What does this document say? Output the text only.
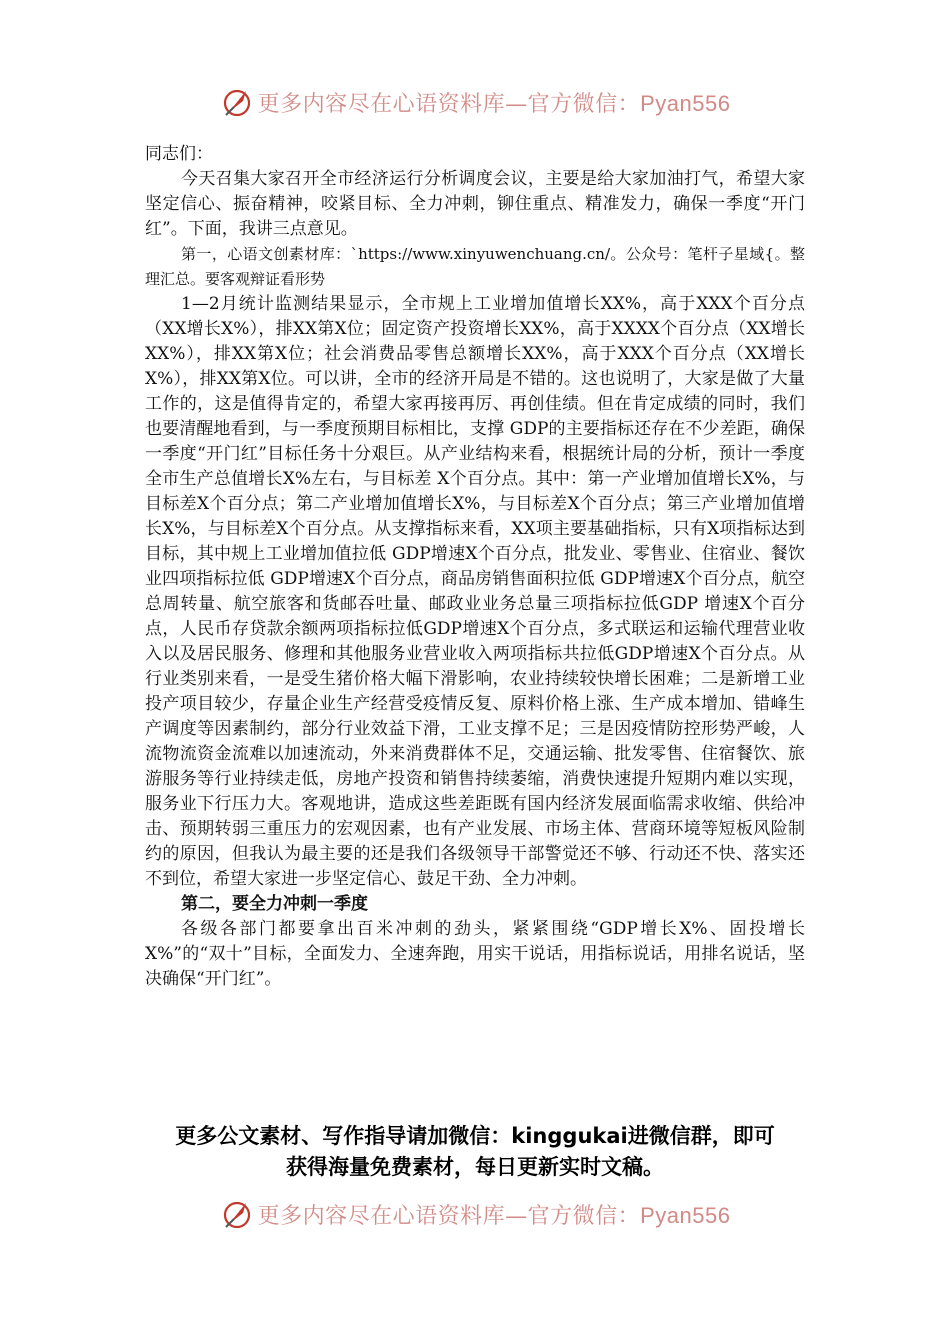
更多内容尽在心语资料库—官方微信：Pyan556

同志们：

今天召集大家召开全市经济运行分析调度会议，主要是给大家加油打气，希望大家坚定信心、振奋精神，咬紧目标、全力冲刺，铆住重点、精准发力，确保一季度“开门红”。下面，我讲三点意见。

第一，心语文创素材库：`https://www.xinyuwenchuang.cn/。公众号：笔杆子星域{。整理汇总。要客观辩证看形势

1—2月统计监测结果显示，全市规上工业增加值增长XX%，高于XXX个百分点（XX增长X%），排XX第X位；固定资产投资增长XX%，高于XXXX个百分点（XX增长XX%），排XX第X位；社会消费品零售总额增长XX%，高于XXX个百分点（XX增长X%），排XX第X位。可以讲，全市的经济开局是不错的。这也说明了，大家是做了大量工作的，这是值得肯定的，希望大家再接再厉、再创佳绩。但在肯定成绩的同时，我们也要清醒地看到，与一季度预期目标相比，支撑 GDP的主要指标还存在不少差距，确保一季度“开门红”目标任务十分艰巨。从产业结构来看，根据统计局的分析，预计一季度全市生产总值增长X%左右，与目标差 X个百分点。其中：第一产业增加值增长X%，与目标差X个百分点；第二产业增加值增长X%，与目标差X个百分点；第三产业增加值增长X%，与目标差X个百分点。从支撑指标来看，XX项主要基础指标，只有X项指标达到目标，其中规上工业增加值拉低 GDP增速X个百分点，批发业、零售业、住宿业、餐饮业四项指标拉低 GDP增速X个百分点，商品房销售面积拉低 GDP增速X个百分点，航空总周转量、航空旅客和货邮吞吐量、邮政业业务总量三项指标拉低GDP 增速X个百分点，人民币存贷款余额两项指标拉低GDP增速X个百分点，多式联运和运输代理营业收入以及居民服务、修理和其他服务业营业收入两项指标共拉低GDP增速X个百分点。从行业类别来看，一是受生猪价格大幅下滑影响，农业持续较快增长困难；二是新增工业投产项目较少，存量企业生产经营受疫情反复、原料价格上涨、生产成本增加、错峰生产调度等因素制约，部分行业效益下滑，工业支撑不足；三是因疫情防控形势严峻，人流物流资金流难以加速流动，外来消费群体不足，交通运输、批发零售、住宿餐饮、旅游服务等行业持续走低，房地产投资和销售持续萎缩，消费快速提升短期内难以实现，服务业下行压力大。客观地讲，造成这些差距既有国内经济发展面临需求收缩、供给冲击、预期转弱三重压力的宏观因素，也有产业发展、市场主体、营商环境等短板风险制约的原因，但我认为最主要的还是我们各级领导干部警觉还不够、行动还不快、落实还不到位，希望大家进一步坚定信心、鼓足干劲、全力冲刺。

第二，要全力冲刺一季度

各级各部门都要拿出百米冲刺的劲头，紧紧围绕“GDP增长X%、固投增长X%”的“双十”目标，全面发力、全速奔跑，用实干说话，用指标说话，用排名说话，坚决确保“开门红”。

更多公文素材、写作指导请加微信：kinggukai进微信群，即可
获得海量免费素材，每日更新实时文稿。
更多内容尽在心语资料库—官方微信：Pyan556
